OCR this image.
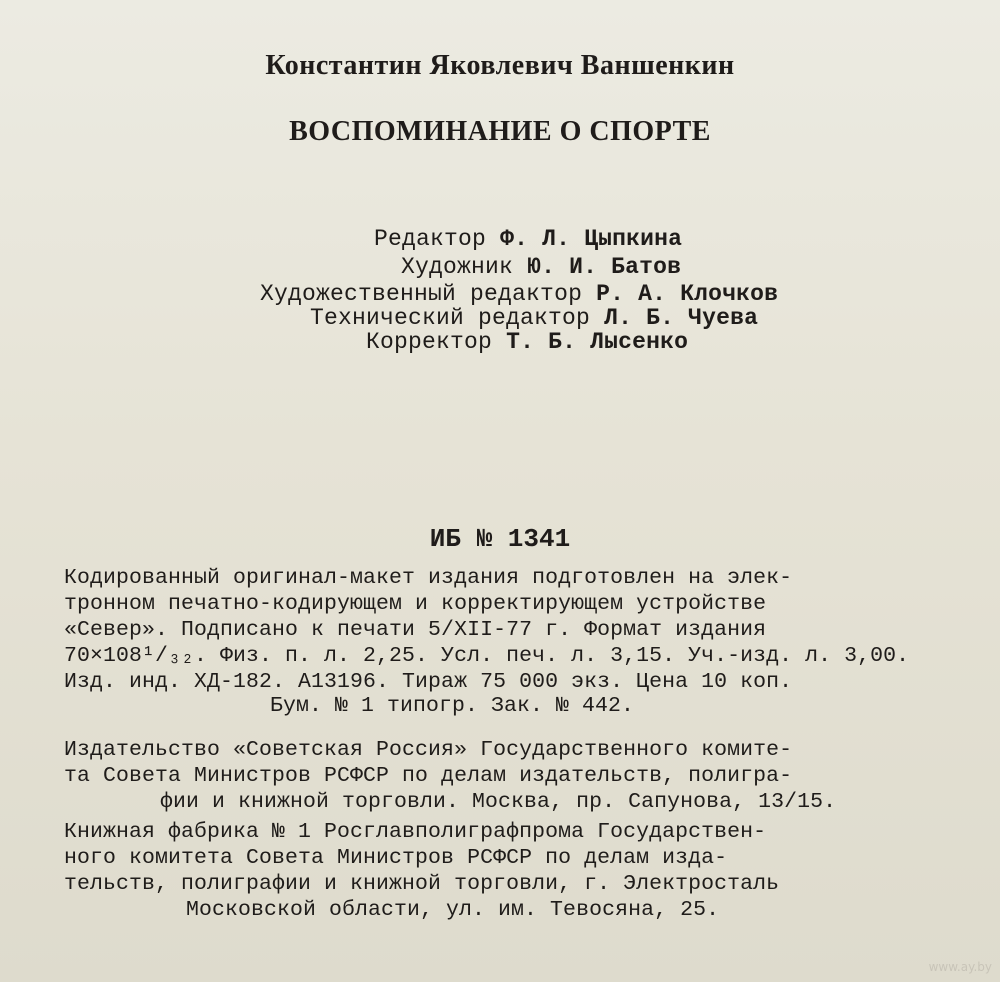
Константин Яковлевич Ваншенкин
ВОСПОМИНАНИЕ О СПОРТЕ

Редактор Ф. Л. Цыпкина

Художник Ю. И. Батов

Художественный редактор Р. А. Клочков

Технический редактор Л. Б. Чуева

Корректор Т. Б. Лысенко

ИБ № 1341
Кодированный оригинал-макет издания подготовлен на элек-
тронном печатно-кодирующем и корректирующем устройстве
«Север». Подписано к печати 5/XII-77 г. Формат издания
70×108¹/₃₂. Физ. п. л. 2,25. Усл. печ. л. 3,15. Уч.-изд. л. 3,00.
Изд. инд. ХД-182. А13196. Тираж 75 000 экз. Цена 10 коп.
Бум. № 1 типогр. Зак. № 442.
Издательство «Советская Россия» Государственного комите-
та Совета Министров РСФСР по делам издательств, полигра-
фии и книжной торговли. Москва, пр. Сапунова, 13/15.
Книжная фабрика № 1 Росглавполиграфпрома Государствен-
ного комитета Совета Министров РСФСР по делам изда-
тельств, полиграфии и книжной торговли, г. Электросталь
Московской области, ул. им. Тевосяна, 25.
www.ay.by
